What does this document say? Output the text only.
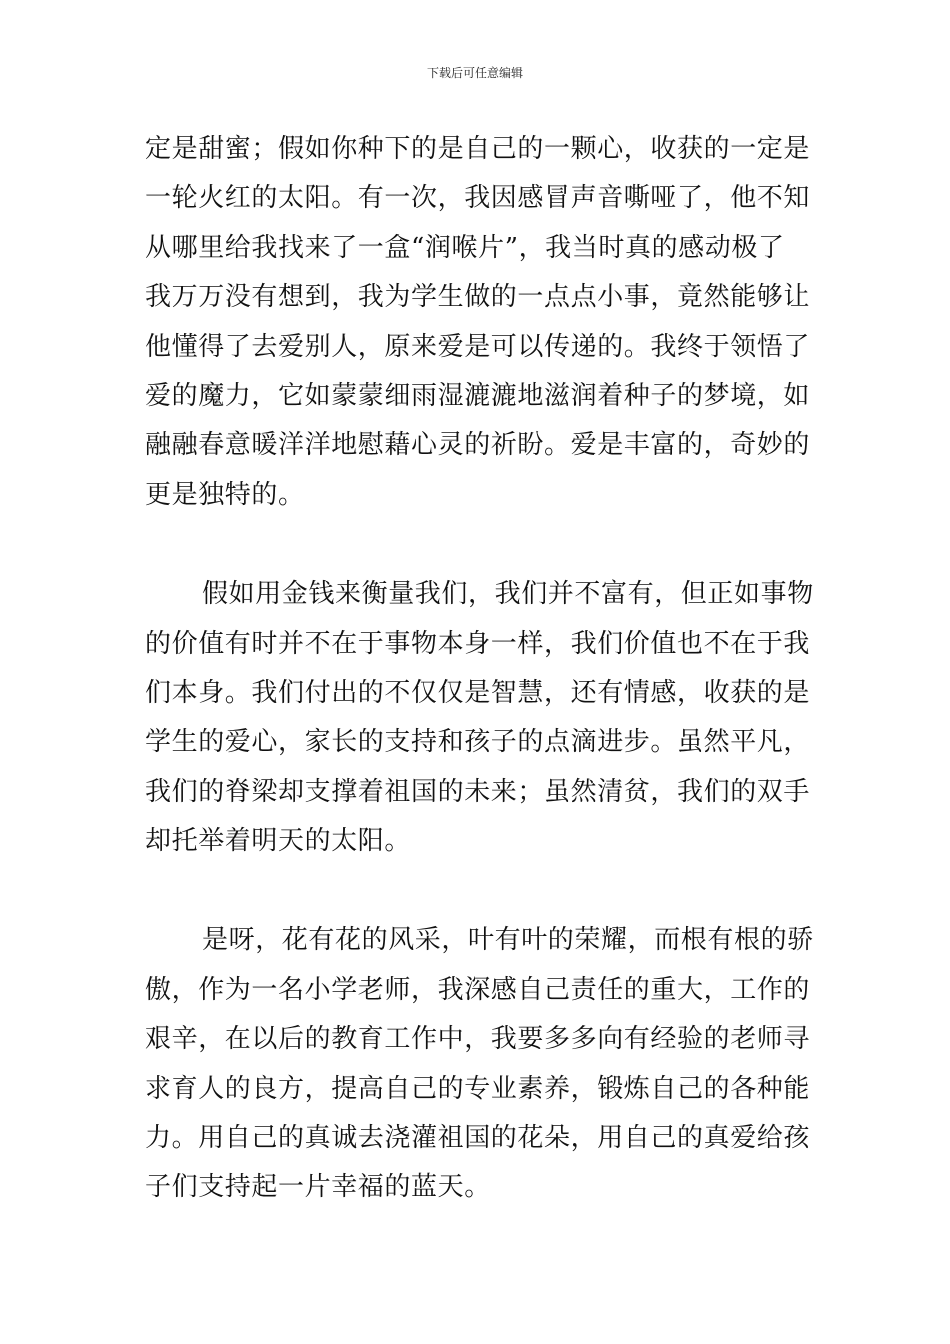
下载后可任意编辑
定是甜蜜；假如你种下的是自己的一颗心，收获的一定是
一轮火红的太阳。有一次，我因感冒声音嘶哑了，他不知
从哪里给我找来了一盒“润喉片”，我当时真的感动极了
我万万没有想到，我为学生做的一点点小事，竟然能够让
他懂得了去爱别人，原来爱是可以传递的。我终于领悟了
爱的魔力，它如蒙蒙细雨湿漉漉地滋润着种子的梦境，如
融融春意暖洋洋地慰藉心灵的祈盼。爱是丰富的，奇妙的
更是独特的。
假如用金钱来衡量我们，我们并不富有，但正如事物
的价值有时并不在于事物本身一样，我们价值也不在于我
们本身。我们付出的不仅仅是智慧，还有情感，收获的是
学生的爱心，家长的支持和孩子的点滴进步。虽然平凡，
我们的脊梁却支撑着祖国的未来；虽然清贫，我们的双手
却托举着明天的太阳。
是呀，花有花的风采，叶有叶的荣耀，而根有根的骄
傲，作为一名小学老师，我深感自己责任的重大，工作的
艰辛，在以后的教育工作中，我要多多向有经验的老师寻
求育人的良方，提高自己的专业素养，锻炼自己的各种能
力。用自己的真诚去浇灌祖国的花朵，用自己的真爱给孩
子们支持起一片幸福的蓝天。
